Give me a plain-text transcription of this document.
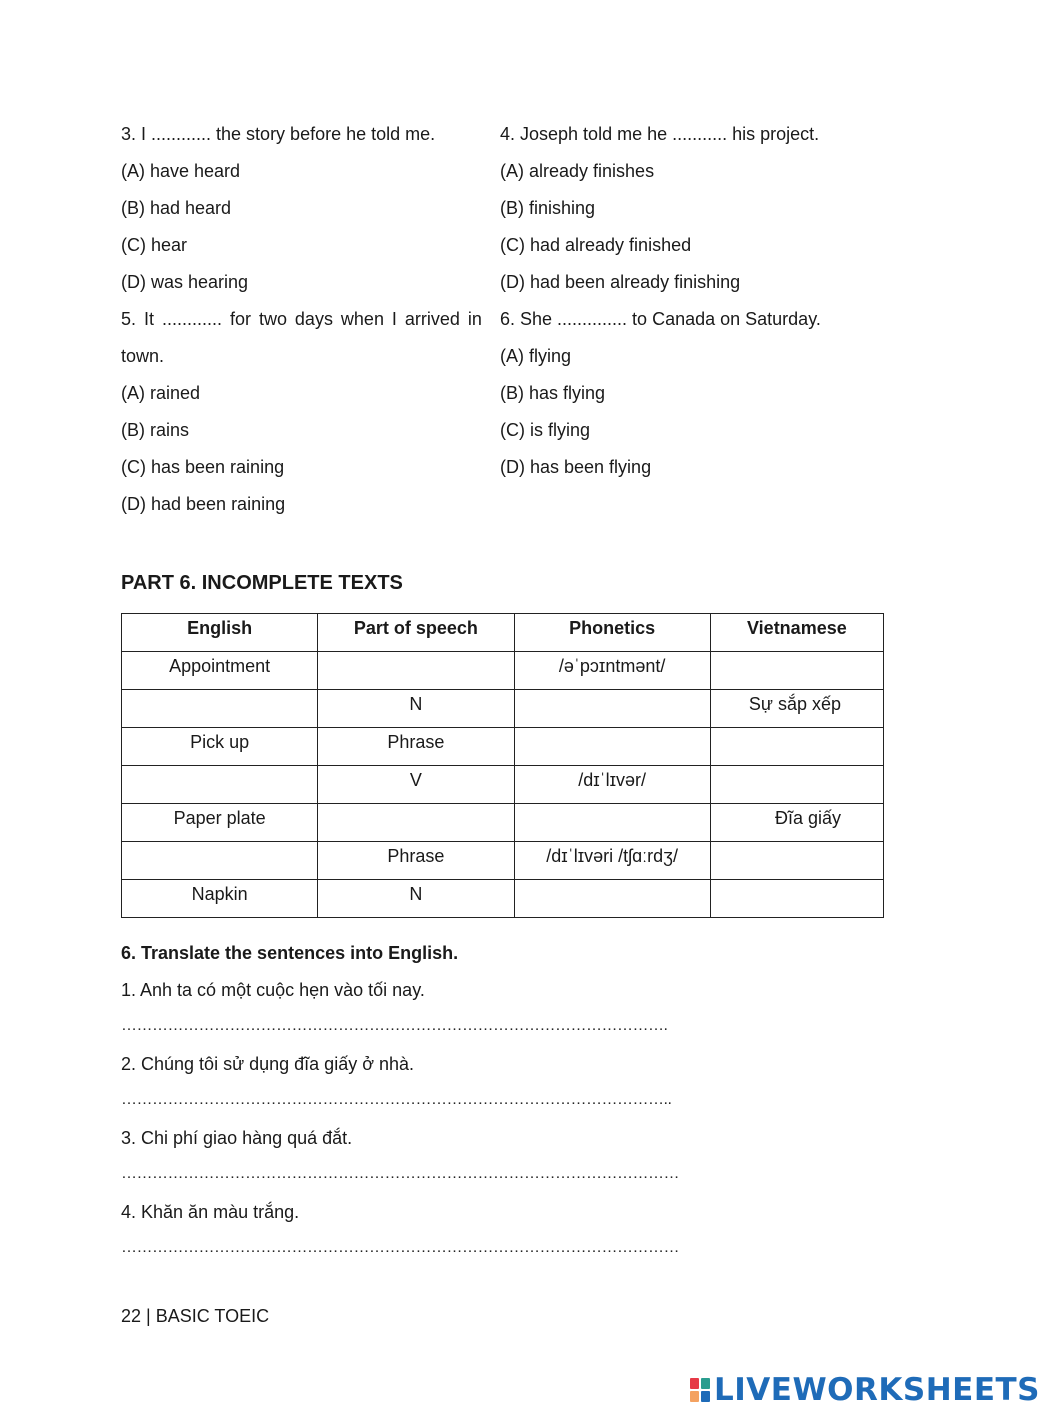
3. I ............ the story before he told me.
(A) have heard
(B) had heard
(C) hear
(D) was hearing
4. Joseph told me he ........... his project.
(A) already finishes
(B) finishing
(C) had already finished
(D) had been already finishing
5. It ............ for two days when I arrived in
town.
(A) rained
(B) rains
(C) has been raining
(D) had been raining
6. She .............. to Canada on Saturday.
(A) flying
(B) has flying
(C) is flying
(D) has been flying
PART 6. INCOMPLETE TEXTS
English	Part of speech	Phonetics	Vietnamese
Appointment		/əˈpɔɪntmənt/	
	N		Sự sắp xếp
Pick up	Phrase		
	V	/dɪˈlɪvər/	
Paper plate			Đĩa giấy
	Phrase	/dɪˈlɪvəri /tʃɑːrdʒ/	
Napkin	N		
6. Translate the sentences into English.
1. Anh ta có một cuộc hẹn vào tối nay.
…………………………………………………………………………………………….
2. Chúng tôi sử dụng đĩa giấy ở nhà.
……………………………………………………………………………………………..
3. Chi phí giao hàng quá đắt.
………………………………………………………………………………………………
4. Khăn ăn màu trắng.
………………………………………………………………………………………………
22 | BASIC TOEIC
LIVEWORKSHEETS
